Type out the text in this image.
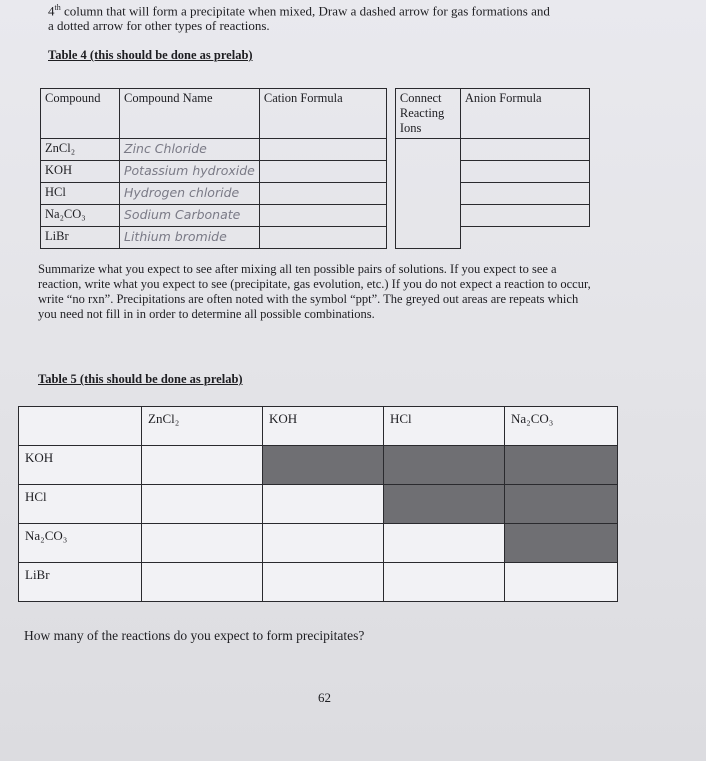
4th column that will form a precipitate when mixed, Draw a dashed arrow for gas formations and

a dotted arrow for other types of reactions.

Table 4 (this should be done as prelab)
Compound	Compound Name	Cation Formula		Connect Reacting Ions	Anion Formula
ZnCl₂	Zinc Chloride				
KOH	Potassium hydroxide				
HCl	Hydrogen chloride				
Na₂CO₃	Sodium Carbonate				
LiBr	Lithium bromide				

Summarize what you expect to see after mixing all ten possible pairs of solutions. If you expect to see a reaction, write what you expect to see (precipitate, gas evolution, etc.) If you do not expect a reaction to occur, write “no rxn”. Precipitations are often noted with the symbol “ppt”. The greyed out areas are repeats which you need not fill in in order to determine all possible combinations.

Table 5 (this should be done as prelab)
	ZnCl₂	KOH	HCl	Na₂CO₃
KOH				
HCl				
Na₂CO₃				
LiBr				
How many of the reactions do you expect to form precipitates?
62
